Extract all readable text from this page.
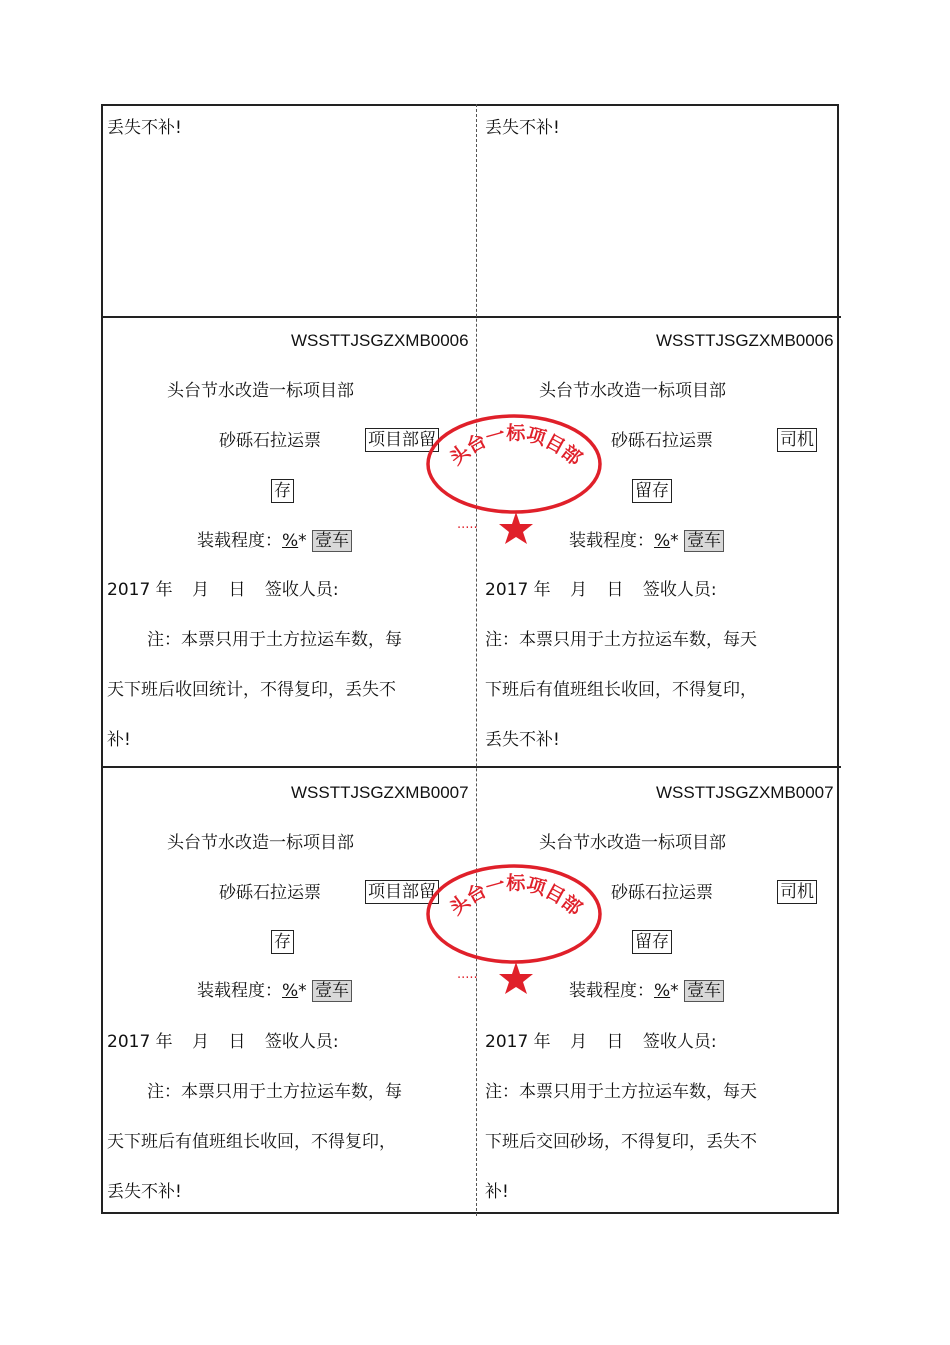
丢失不补!	丢失不补!
WSSTTJSGZXMB0006
头台节水改造一标项目部
砂砾石拉运票	项目部留
存
装载程度：%* 壹车
2017 年 月 日 签收人员:
注：本票只用于土方拉运车数，每
天下班后收回统计，不得复印，丢失不
补!
WSSTTJSGZXMB0006
头台节水改造一标项目部
砂砾石拉运票	司机
留存
装载程度：%* 壹车
2017 年 月 日 签收人员:
注：本票只用于土方拉运车数，每天
下班后有值班组长收回，不得复印，
丢失不补!
WSSTTJSGZXMB0007
头台节水改造一标项目部
砂砾石拉运票	项目部留
存
装载程度：%* 壹车
2017 年 月 日 签收人员:
注：本票只用于土方拉运车数，每
天下班后有值班组长收回，不得复印，
丢失不补!
WSSTTJSGZXMB0007
头台节水改造一标项目部
砂砾石拉运票	司机
留存
装载程度：%* 壹车
2017 年 月 日 签收人员:
注：本票只用于土方拉运车数，每天
下班后交回砂场，不得复印，丢失不
补!
头台一标项目部
·····
头台一标项目部
·····
